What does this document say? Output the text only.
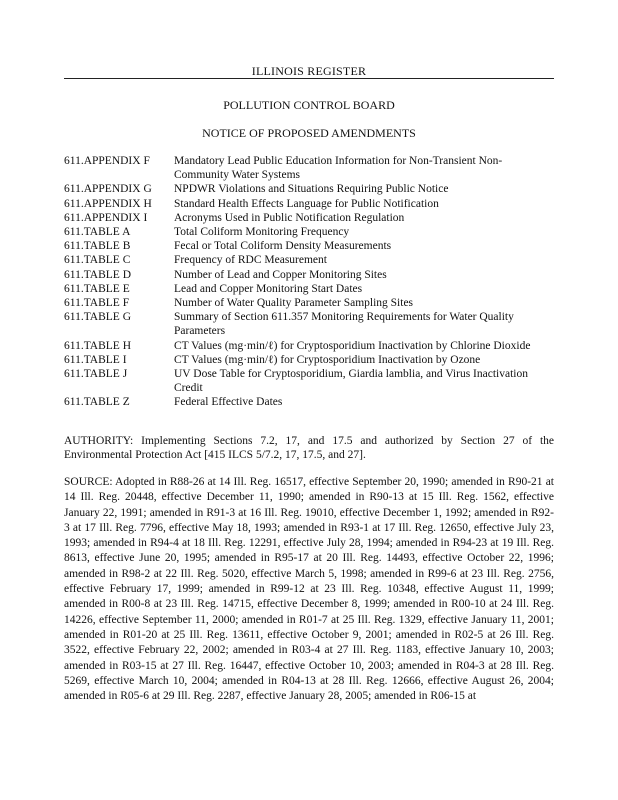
ILLINOIS REGISTER
POLLUTION CONTROL BOARD
NOTICE OF PROPOSED AMENDMENTS
611.APPENDIX F	Mandatory Lead Public Education Information for Non-Transient Non-Community Water Systems
611.APPENDIX G	NPDWR Violations and Situations Requiring Public Notice
611.APPENDIX H	Standard Health Effects Language for Public Notification
611.APPENDIX I	Acronyms Used in Public Notification Regulation
611.TABLE A	Total Coliform Monitoring Frequency
611.TABLE B	Fecal or Total Coliform Density Measurements
611.TABLE C	Frequency of RDC Measurement
611.TABLE D	Number of Lead and Copper Monitoring Sites
611.TABLE E	Lead and Copper Monitoring Start Dates
611.TABLE F	Number of Water Quality Parameter Sampling Sites
611.TABLE G	Summary of Section 611.357 Monitoring Requirements for Water Quality Parameters
611.TABLE H	CT Values (mg·min/ℓ) for Cryptosporidium Inactivation by Chlorine Dioxide
611.TABLE I	CT Values (mg·min/ℓ) for Cryptosporidium Inactivation by Ozone
611.TABLE J	UV Dose Table for Cryptosporidium, Giardia lamblia, and Virus Inactivation Credit
611.TABLE Z	Federal Effective Dates
AUTHORITY: Implementing Sections 7.2, 17, and 17.5 and authorized by Section 27 of the Environmental Protection Act [415 ILCS 5/7.2, 17, 17.5, and 27].
SOURCE: Adopted in R88-26 at 14 Ill. Reg. 16517, effective September 20, 1990; amended in R90-21 at 14 Ill. Reg. 20448, effective December 11, 1990; amended in R90-13 at 15 Ill. Reg. 1562, effective January 22, 1991; amended in R91-3 at 16 Ill. Reg. 19010, effective December 1, 1992; amended in R92-3 at 17 Ill. Reg. 7796, effective May 18, 1993; amended in R93-1 at 17 Ill. Reg. 12650, effective July 23, 1993; amended in R94-4 at 18 Ill. Reg. 12291, effective July 28, 1994; amended in R94-23 at 19 Ill. Reg. 8613, effective June 20, 1995; amended in R95-17 at 20 Ill. Reg. 14493, effective October 22, 1996; amended in R98-2 at 22 Ill. Reg. 5020, effective March 5, 1998; amended in R99-6 at 23 Ill. Reg. 2756, effective February 17, 1999; amended in R99-12 at 23 Ill. Reg. 10348, effective August 11, 1999; amended in R00-8 at 23 Ill. Reg. 14715, effective December 8, 1999; amended in R00-10 at 24 Ill. Reg. 14226, effective September 11, 2000; amended in R01-7 at 25 Ill. Reg. 1329, effective January 11, 2001; amended in R01-20 at 25 Ill. Reg. 13611, effective October 9, 2001; amended in R02-5 at 26 Ill. Reg. 3522, effective February 22, 2002; amended in R03-4 at 27 Ill. Reg. 1183, effective January 10, 2003; amended in R03-15 at 27 Ill. Reg. 16447, effective October 10, 2003; amended in R04-3 at 28 Ill. Reg. 5269, effective March 10, 2004; amended in R04-13 at 28 Ill. Reg. 12666, effective August 26, 2004; amended in R05-6 at 29 Ill. Reg. 2287, effective January 28, 2005; amended in R06-15 at
